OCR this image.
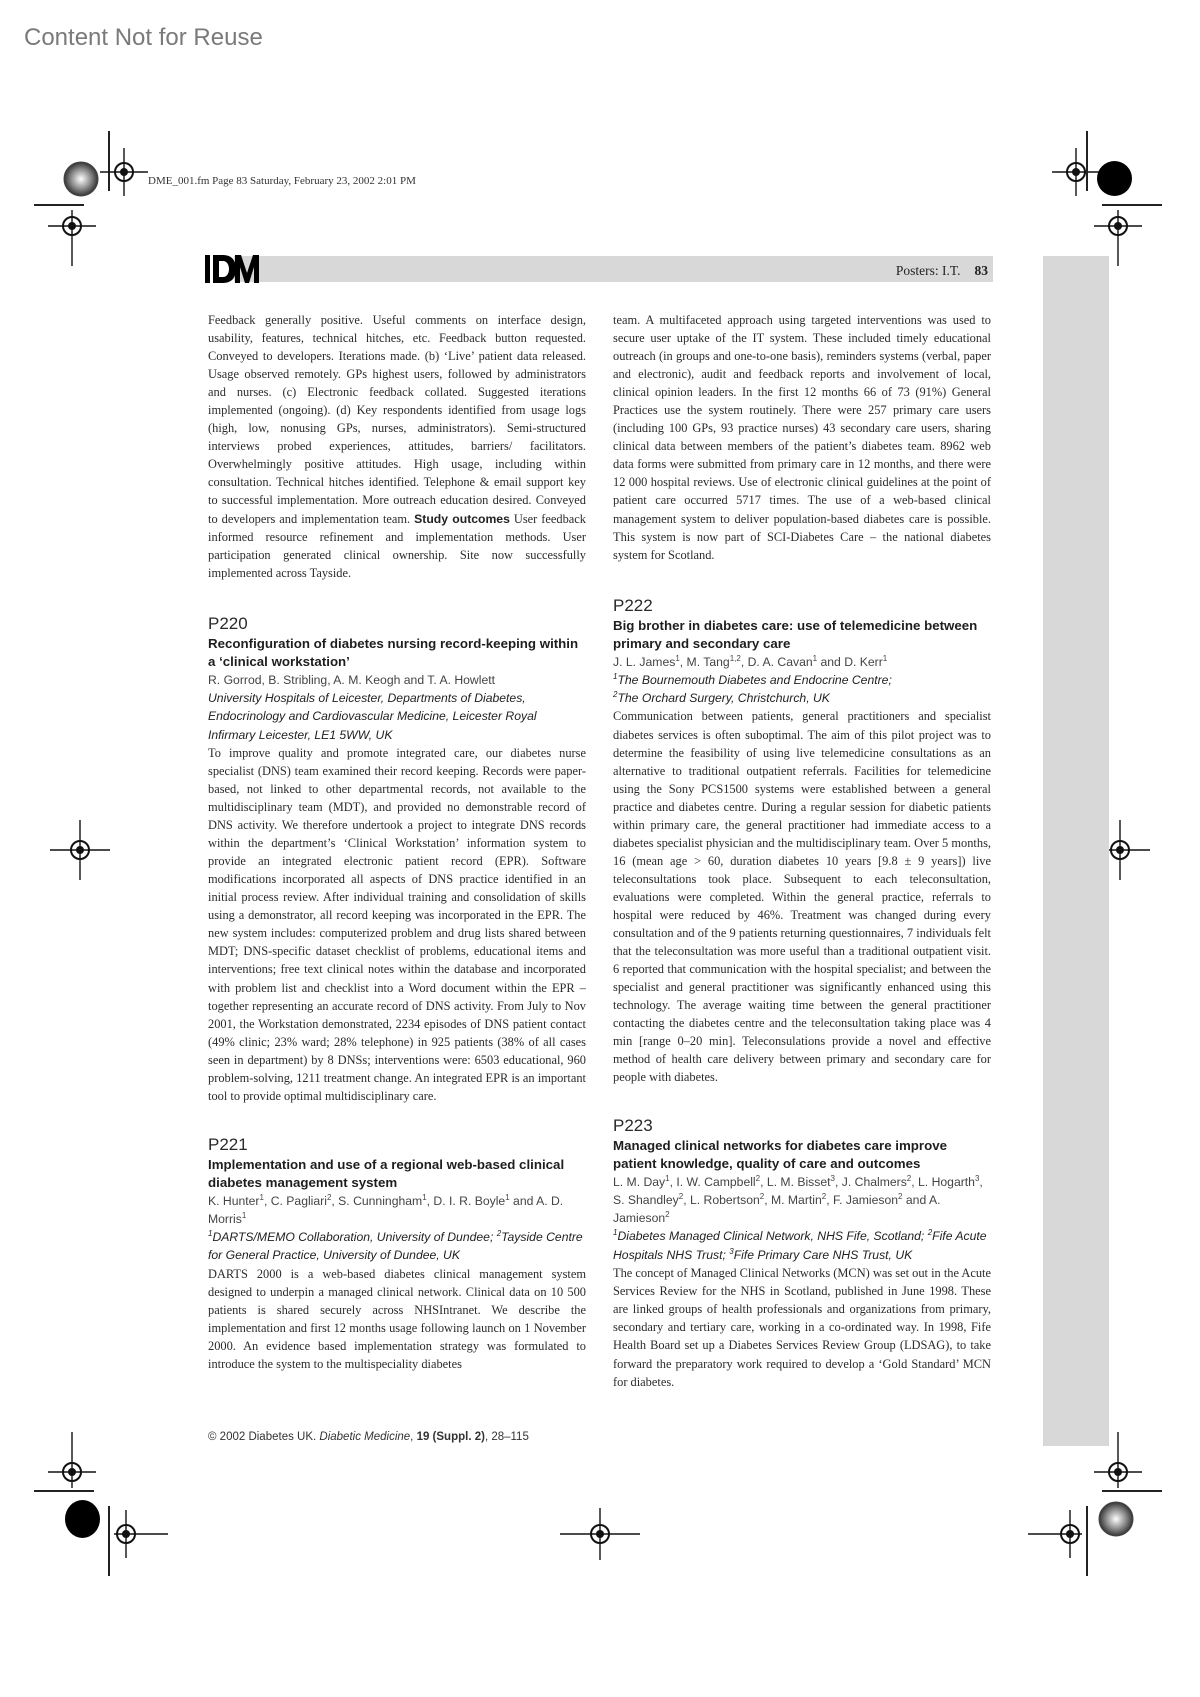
Content Not for Reuse
DME_001.fm Page 83 Saturday, February 23, 2002 2:01 PM
Posters: I.T. 83

Feedback generally positive. Useful comments on interface design, usability, features, technical hitches, etc. Feedback button requested. Conveyed to developers. Iterations made. (b) ‘Live’ patient data released. Usage observed remotely. GPs highest users, followed by administrators and nurses. (c) Electronic feedback collated. Suggested iterations implemented (ongoing). (d) Key respondents identified from usage logs (high, low, nonusing GPs, nurses, administrators). Semi-structured interviews probed experiences, attitudes, barriers/ facilitators. Overwhelmingly positive attitudes. High usage, including within consultation. Technical hitches identified. Telephone & email support key to successful implementation. More outreach education desired. Conveyed to developers and implementation team. Study outcomes User feedback informed resource refinement and implementation methods. User participation generated clinical ownership. Site now successfully implemented across Tayside.

P220
Reconfiguration of diabetes nursing record-keeping within a ‘clinical workstation’
R. Gorrod, B. Stribling, A. M. Keogh and T. A. Howlett
University Hospitals of Leicester, Departments of Diabetes, Endocrinology and Cardiovascular Medicine, Leicester Royal Infirmary Leicester, LE1 5WW, UK

To improve quality and promote integrated care, our diabetes nurse specialist (DNS) team examined their record keeping. Records were paper-based, not linked to other departmental records, not available to the multidisciplinary team (MDT), and provided no demonstrable record of DNS activity. We therefore undertook a project to integrate DNS records within the department’s ‘Clinical Workstation’ information system to provide an integrated electronic patient record (EPR). Software modifications incorporated all aspects of DNS practice identified in an initial process review. After individual training and consolidation of skills using a demonstrator, all record keeping was incorporated in the EPR. The new system includes: computerized problem and drug lists shared between MDT; DNS-specific dataset checklist of problems, educational items and interventions; free text clinical notes within the database and incorporated with problem list and checklist into a Word document within the EPR – together representing an accurate record of DNS activity. From July to Nov 2001, the Workstation demonstrated, 2234 episodes of DNS patient contact (49% clinic; 23% ward; 28% telephone) in 925 patients (38% of all cases seen in department) by 8 DNSs; interventions were: 6503 educational, 960 problem-solving, 1211 treatment change. An integrated EPR is an important tool to provide optimal multidisciplinary care.

P221
Implementation and use of a regional web-based clinical diabetes management system
K. Hunter$^1$, C. Pagliari$^2$, S. Cunningham$^1$, D. I. R. Boyle$^1$ and A. D. Morris$^1$
$^1$DARTS/MEMO Collaboration, University of Dundee; $^2$Tayside Centre for General Practice, University of Dundee, UK

DARTS 2000 is a web-based diabetes clinical management system designed to underpin a managed clinical network. Clinical data on 10 500 patients is shared securely across NHSIntranet. We describe the implementation and first 12 months usage following launch on 1 November 2000. An evidence based implementation strategy was formulated to introduce the system to the multispeciality diabetes

team. A multifaceted approach using targeted interventions was used to secure user uptake of the IT system. These included timely educational outreach (in groups and one-to-one basis), reminders systems (verbal, paper and electronic), audit and feedback reports and involvement of local, clinical opinion leaders. In the first 12 months 66 of 73 (91%) General Practices use the system routinely. There were 257 primary care users (including 100 GPs, 93 practice nurses) 43 secondary care users, sharing clinical data between members of the patient’s diabetes team. 8962 web data forms were submitted from primary care in 12 months, and there were 12 000 hospital reviews. Use of electronic clinical guidelines at the point of patient care occurred 5717 times. The use of a web-based clinical management system to deliver population-based diabetes care is possible. This system is now part of SCI-Diabetes Care – the national diabetes system for Scotland.

P222
Big brother in diabetes care: use of telemedicine between primary and secondary care
J. L. James$^1$, M. Tang$^{1,2}$, D. A. Cavan$^1$ and D. Kerr$^1$
$^1$The Bournemouth Diabetes and Endocrine Centre;
$^2$The Orchard Surgery, Christchurch, UK

Communication between patients, general practitioners and specialist diabetes services is often suboptimal. The aim of this pilot project was to determine the feasibility of using live telemedicine consultations as an alternative to traditional outpatient referrals. Facilities for telemedicine using the Sony PCS1500 systems were established between a general practice and diabetes centre. During a regular session for diabetic patients within primary care, the general practitioner had immediate access to a diabetes specialist physician and the multidisciplinary team. Over 5 months, 16 (mean age > 60, duration diabetes 10 years [9.8 ± 9 years]) live teleconsultations took place. Subsequent to each teleconsultation, evaluations were completed. Within the general practice, referrals to hospital were reduced by 46%. Treatment was changed during every consultation and of the 9 patients returning questionnaires, 7 individuals felt that the teleconsultation was more useful than a traditional outpatient visit. 6 reported that communication with the hospital specialist; and between the specialist and general practitioner was significantly enhanced using this technology. The average waiting time between the general practitioner contacting the diabetes centre and the teleconsultation taking place was 4 min [range 0–20 min]. Teleconsulations provide a novel and effective method of health care delivery between primary and secondary care for people with diabetes.

P223
Managed clinical networks for diabetes care improve patient knowledge, quality of care and outcomes
L. M. Day$^1$, I. W. Campbell$^2$, L. M. Bisset$^3$, J. Chalmers$^2$, L. Hogarth$^3$, S. Shandley$^2$, L. Robertson$^2$, M. Martin$^2$, F. Jamieson$^2$ and A. Jamieson$^2$
$^1$Diabetes Managed Clinical Network, NHS Fife, Scotland; $^2$Fife Acute Hospitals NHS Trust; $^3$Fife Primary Care NHS Trust, UK

The concept of Managed Clinical Networks (MCN) was set out in the Acute Services Review for the NHS in Scotland, published in June 1998. These are linked groups of health professionals and organizations from primary, secondary and tertiary care, working in a co-ordinated way. In 1998, Fife Health Board set up a Diabetes Services Review Group (LDSAG), to take forward the preparatory work required to develop a ‘Gold Standard’ MCN for diabetes.

© 2002 Diabetes UK. Diabetic Medicine, 19 (Suppl. 2), 28–115
